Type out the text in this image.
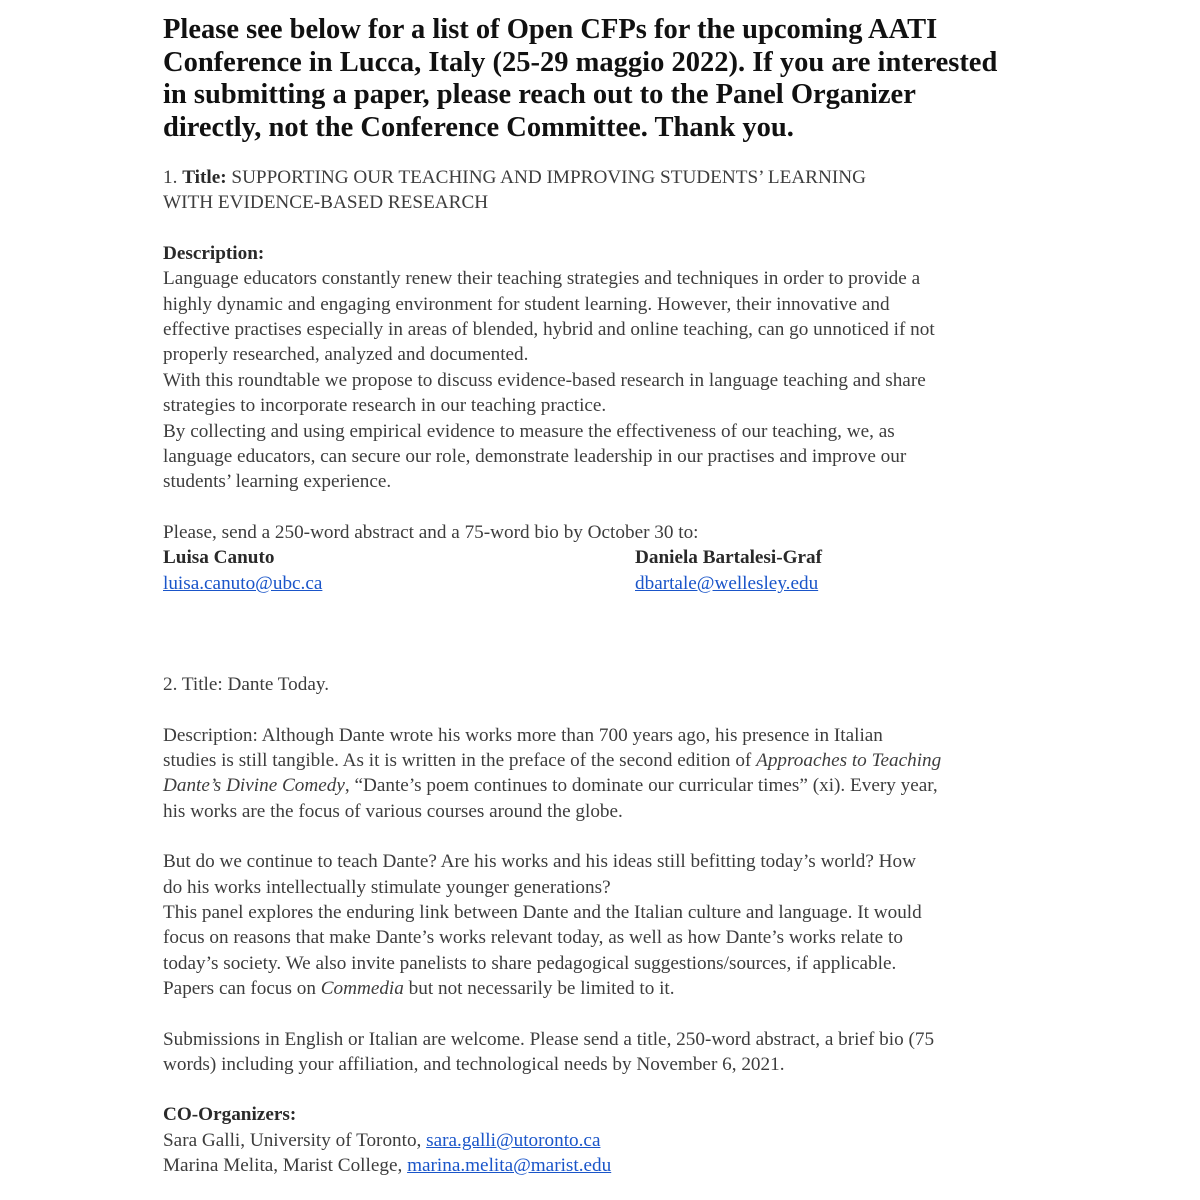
Please see below for a list of Open CFPs for the upcoming AATI
Conference in Lucca, Italy (25-29 maggio 2022). If you are interested
in submitting a paper, please reach out to the Panel Organizer
directly, not the Conference Committee. Thank you.
1. Title: SUPPORTING OUR TEACHING AND IMPROVING STUDENTS’ LEARNING
WITH EVIDENCE-BASED RESEARCH
Description:
Language educators constantly renew their teaching strategies and techniques in order to provide a
highly dynamic and engaging environment for student learning. However, their innovative and
effective practises especially in areas of blended, hybrid and online teaching, can go unnoticed if not
properly researched, analyzed and documented.
With this roundtable we propose to discuss evidence-based research in language teaching and share
strategies to incorporate research in our teaching practice.
By collecting and using empirical evidence to measure the effectiveness of our teaching, we, as
language educators, can secure our role, demonstrate leadership in our practises and improve our
students’ learning experience.
Please, send a 250-word abstract and a 75-word bio by October 30 to:
Luisa Canuto
luisa.canuto@ubc.ca
Daniela Bartalesi-Graf
dbartale@wellesley.edu
2. Title: Dante Today.
Description: Although Dante wrote his works more than 700 years ago, his presence in Italian
studies is still tangible. As it is written in the preface of the second edition of Approaches to Teaching
Dante’s Divine Comedy, “Dante’s poem continues to dominate our curricular times” (xi). Every year,
his works are the focus of various courses around the globe.
But do we continue to teach Dante? Are his works and his ideas still befitting today’s world? How
do his works intellectually stimulate younger generations?
This panel explores the enduring link between Dante and the Italian culture and language. It would
focus on reasons that make Dante’s works relevant today, as well as how Dante’s works relate to
today’s society. We also invite panelists to share pedagogical suggestions/sources, if applicable.
Papers can focus on Commedia but not necessarily be limited to it.
Submissions in English or Italian are welcome. Please send a title, 250-word abstract, a brief bio (75
words) including your affiliation, and technological needs by November 6, 2021.
CO-Organizers:
Sara Galli, University of Toronto, sara.galli@utoronto.ca
Marina Melita, Marist College, marina.melita@marist.edu
